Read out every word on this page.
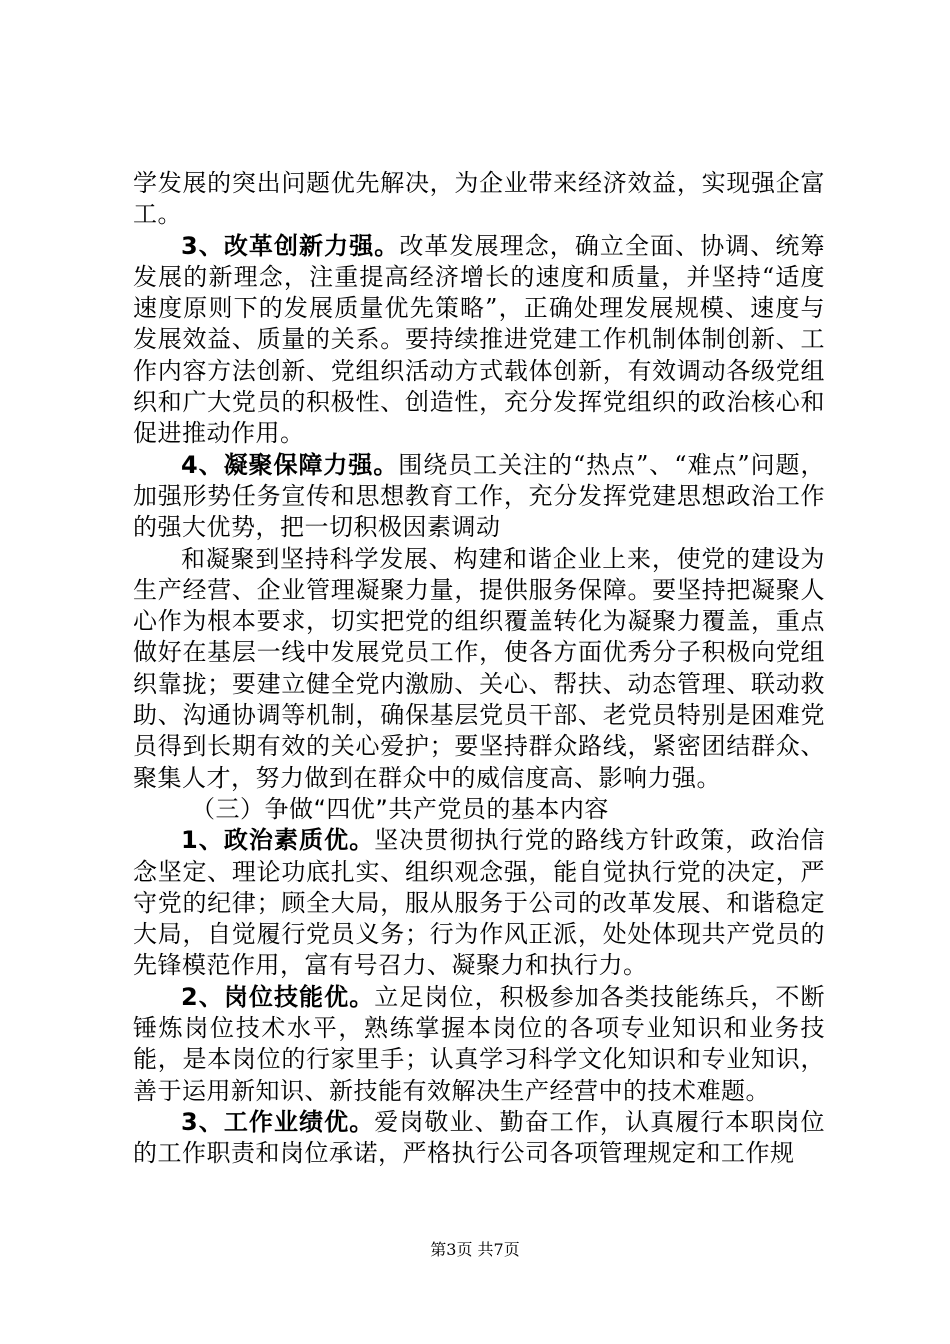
学发展的突出问题优先解决，为企业带来经济效益，实现强企富工。

3、改革创新力强。改革发展理念，确立全面、协调、统筹发展的新理念，注重提高经济增长的速度和质量，并坚持“适度速度原则下的发展质量优先策略”，正确处理发展规模、速度与发展效益、质量的关系。要持续推进党建工作机制体制创新、工作内容方法创新、党组织活动方式载体创新，有效调动各级党组织和广大党员的积极性、创造性，充分发挥党组织的政治核心和促进推动作用。

4、凝聚保障力强。围绕员工关注的“热点”、“难点”问题，加强形势任务宣传和思想教育工作，充分发挥党建思想政治工作的强大优势，把一切积极因素调动

和凝聚到坚持科学发展、构建和谐企业上来，使党的建设为生产经营、企业管理凝聚力量，提供服务保障。要坚持把凝聚人心作为根本要求，切实把党的组织覆盖转化为凝聚力覆盖，重点做好在基层一线中发展党员工作，使各方面优秀分子积极向党组织靠拢；要建立健全党内激励、关心、帮扶、动态管理、联动救助、沟通协调等机制，确保基层党员干部、老党员特别是困难党员得到长期有效的关心爱护；要坚持群众路线，紧密团结群众、聚集人才，努力做到在群众中的威信度高、影响力强。

（三）争做“四优”共产党员的基本内容

1、政治素质优。坚决贯彻执行党的路线方针政策，政治信念坚定、理论功底扎实、组织观念强，能自觉执行党的决定，严守党的纪律；顾全大局，服从服务于公司的改革发展、和谐稳定大局，自觉履行党员义务；行为作风正派，处处体现共产党员的先锋模范作用，富有号召力、凝聚力和执行力。

2、岗位技能优。立足岗位，积极参加各类技能练兵，不断锤炼岗位技术水平，熟练掌握本岗位的各项专业知识和业务技能，是本岗位的行家里手；认真学习科学文化知识和专业知识，善于运用新知识、新技能有效解决生产经营中的技术难题。

3、工作业绩优。爱岗敬业、勤奋工作，认真履行本职岗位的工作职责和岗位承诺，严格执行公司各项管理规定和工作规

第3页 共7页
